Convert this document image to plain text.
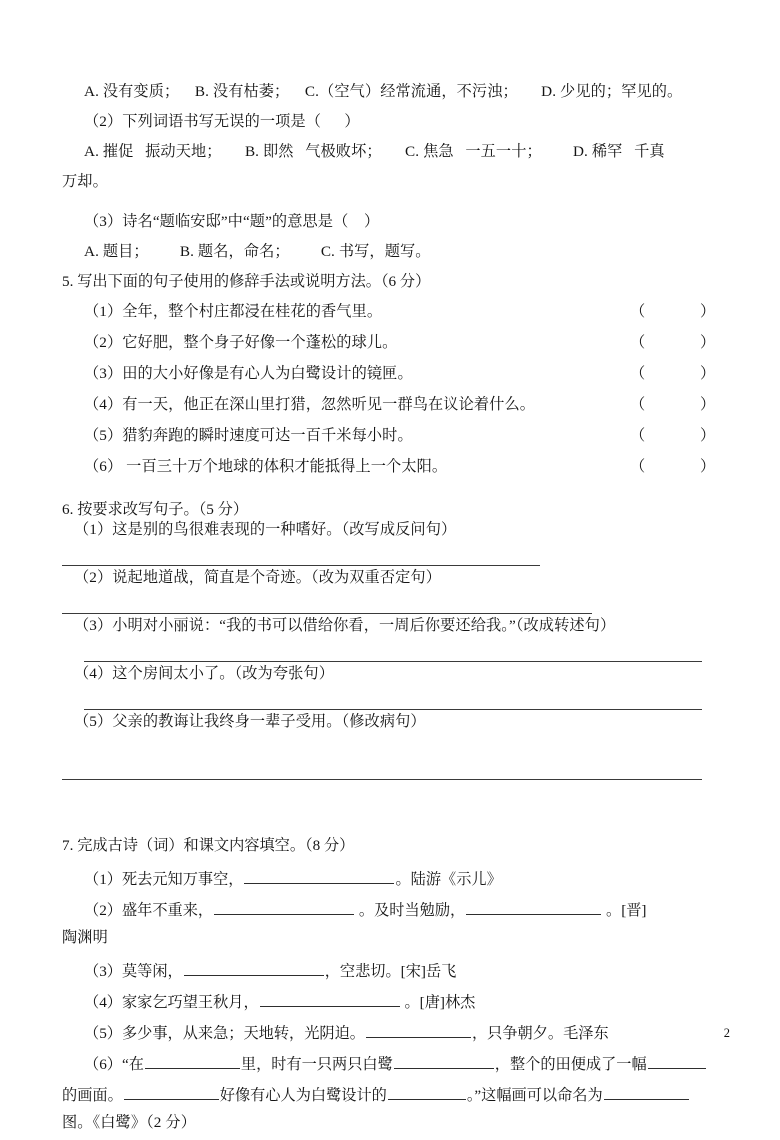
A. 没有变质；    B. 没有枯萎；    C.（空气）经常流通，不污浊；      D. 少见的；罕见的。
（2）下列词语书写无误的一项是（      ）
A. 摧促   振动天地；      B. 即然   气极败坏；      C. 焦急   一五一十；        D. 稀罕   千真
万却。
（3）诗名“题临安邸”中“题”的意思是（    ）
A. 题目；        B. 题名，命名；        C. 书写，题写。
5. 写出下面的句子使用的修辞手法或说明方法。（6 分）
（1）全年，整个村庄都浸在桂花的香气里。	（	）
（2）它好肥，整个身子好像一个蓬松的球儿。	（	）
（3）田的大小好像是有心人为白鹭设计的镜匣。	（	）
（4）有一天，他正在深山里打猎，忽然听见一群鸟在议论着什么。	（	）
（5）猎豹奔跑的瞬时速度可达一百千米每小时。	（	）
（6） 一百三十万个地球的体积才能抵得上一个太阳。	（	）
6. 按要求改写句子。（5 分）
（1）这是别的鸟很难表现的一种嗜好。（改写成反问句）
（2）说起地道战，简直是个奇迹。（改为双重否定句）
（3）小明对小丽说：“我的书可以借给你看，一周后你要还给我。”（改成转述句）
（4）这个房间太小了。（改为夸张句）
（5）父亲的教诲让我终身一辈子受用。（修改病句）
7. 完成古诗（词）和课文内容填空。（8 分）
（1）死去元知万事空，	。陆游《示儿》
（2）盛年不重来，	。及时当勉励，	。[晋]
陶渊明
（3）莫等闲，	，空悲切。[宋]岳飞
（4）家家乞巧望王秋月，	。[唐]林杰
（5）多少事，从来急；天地转，光阴迫。	，只争朝夕。毛泽东
（6）“在	里，时有一只两只白鹭	，整个的田便成了一幅
的画面。	好像有心人为白鹭设计的	。”这幅画可以命名为
图。《白鹭》（2 分）
2
